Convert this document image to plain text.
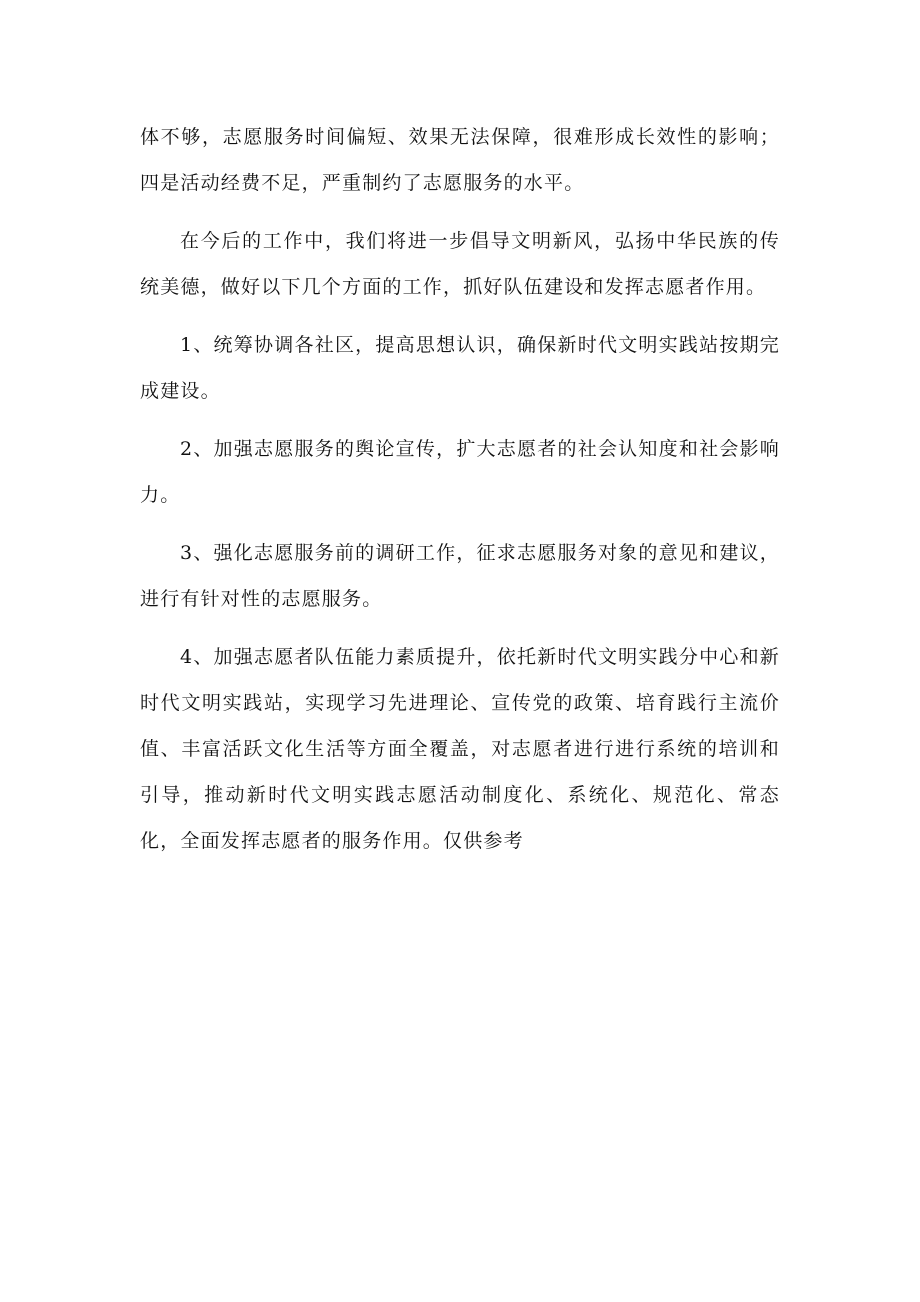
体不够，志愿服务时间偏短、效果无法保障，很难形成长效性的影响；四是活动经费不足，严重制约了志愿服务的水平。

在今后的工作中，我们将进一步倡导文明新风，弘扬中华民族的传统美德，做好以下几个方面的工作，抓好队伍建设和发挥志愿者作用。

1、统筹协调各社区，提高思想认识，确保新时代文明实践站按期完成建设。

2、加强志愿服务的舆论宣传，扩大志愿者的社会认知度和社会影响力。

3、强化志愿服务前的调研工作，征求志愿服务对象的意见和建议，进行有针对性的志愿服务。

4、加强志愿者队伍能力素质提升，依托新时代文明实践分中心和新时代文明实践站，实现学习先进理论、宣传党的政策、培育践行主流价值、丰富活跃文化生活等方面全覆盖，对志愿者进行进行系统的培训和引导，推动新时代文明实践志愿活动制度化、系统化、规范化、常态化，全面发挥志愿者的服务作用。仅供参考
